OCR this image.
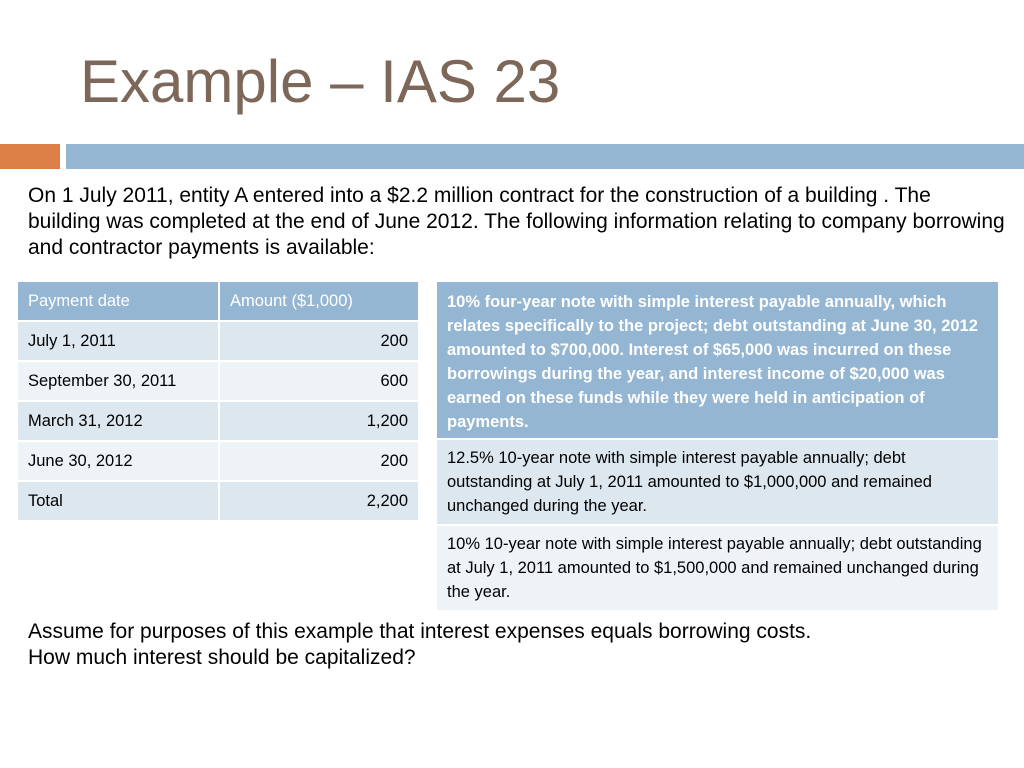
Example – IAS 23

On 1 July 2011, entity A entered into a $2.2 million contract for the construction of a building . The building was completed at the end of June 2012. The following information relating to company borrowing and contractor payments is available:

Payment date	Amount ($1,000)
July 1, 2011	200
September 30, 2011	600
March 31, 2012	1,200
June 30, 2012	200
Total	2,200
10% four-year note with simple interest payable annually, which relates specifically to the project; debt outstanding at June 30, 2012 amounted to $700,000. Interest of $65,000 was incurred on these borrowings during the year, and interest income of $20,000 was earned on these funds while they were held in anticipation of payments.
12.5% 10-year note with simple interest payable annually; debt outstanding at July 1, 2011 amounted to $1,000,000 and remained unchanged during the year.
10% 10-year note with simple interest payable annually; debt outstanding at July 1, 2011 amounted to $1,500,000 and remained unchanged during the year.

Assume for purposes of this example that interest expenses equals borrowing costs.
How much interest should be capitalized?
